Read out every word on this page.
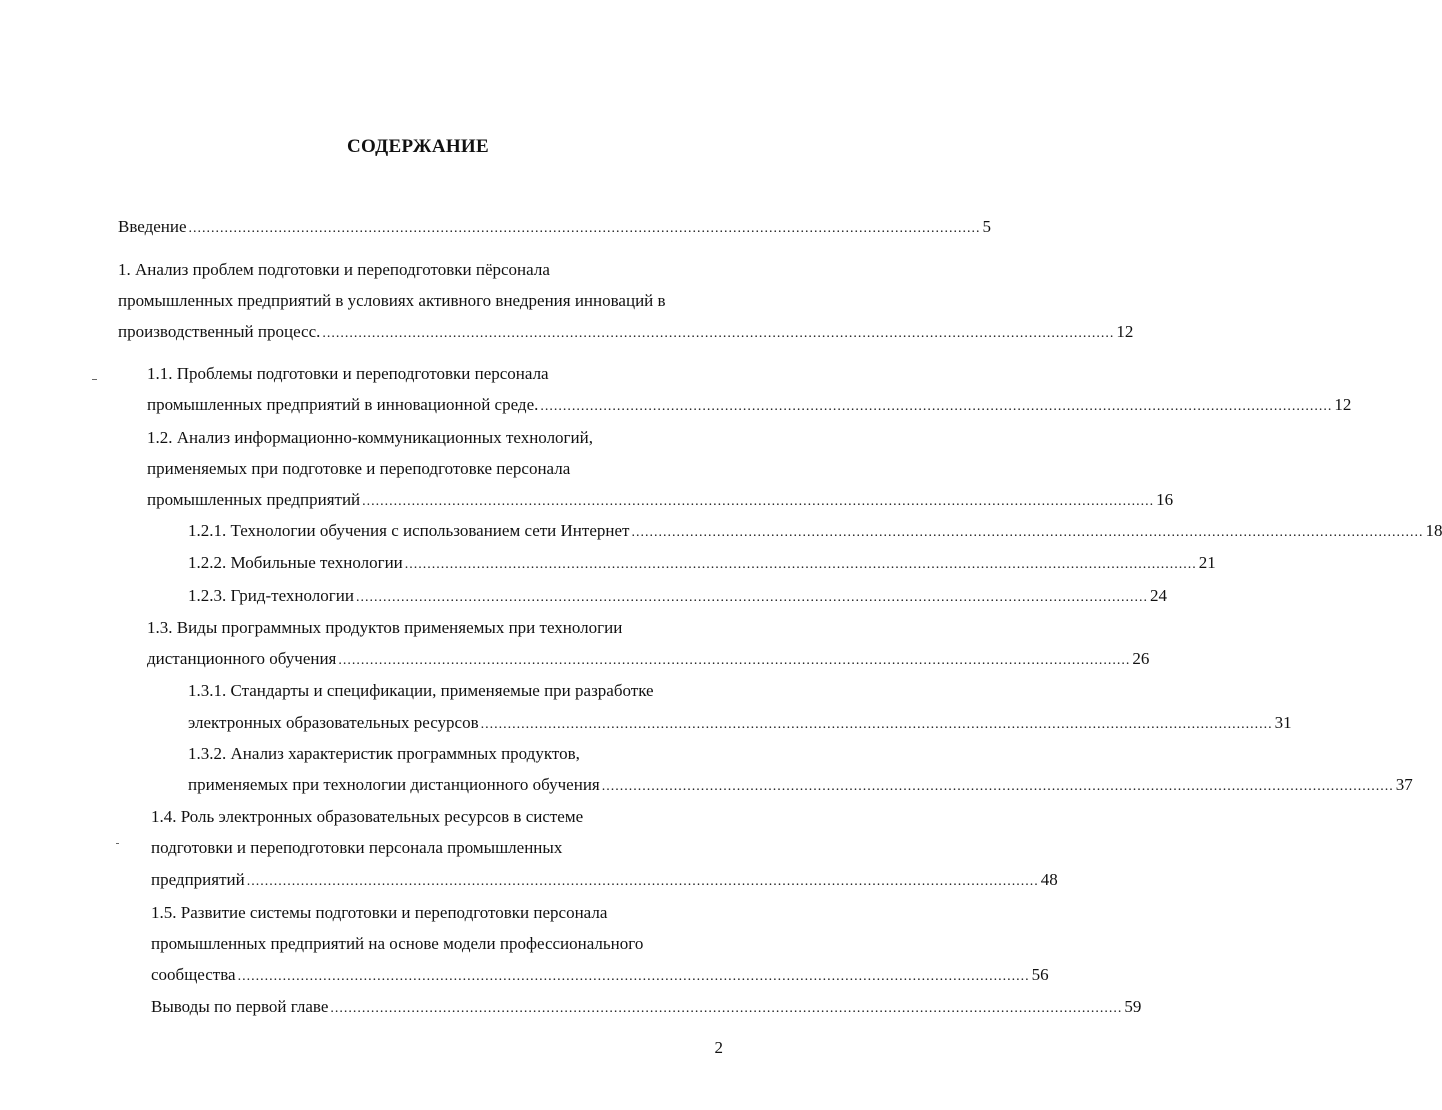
СОДЕРЖАНИЕ
Введение ................................................................................................................................................................................ 5
1. Анализ проблем подготовки и переподготовки пёрсонала
промышленных предприятий в условиях активного внедрения инноваций в
производственный процесс. ................................................................................................................................................................................ 12
1.1. Проблемы подготовки и переподготовки персонала
промышленных предприятий в инновационной среде. ................................................................................................................................................................................ 12
1.2. Анализ информационно-коммуникационных технологий,
применяемых при подготовке и переподготовке персонала
промышленных предприятий ................................................................................................................................................................................ 16
1.2.1. Технологии обучения с использованием сети Интернет ................................................................................................................................................................................ 18
1.2.2. Мобильные технологии ................................................................................................................................................................................ 21
1.2.3. Грид-технологии ................................................................................................................................................................................ 24
1.3. Виды программных продуктов применяемых при технологии
дистанционного обучения ................................................................................................................................................................................ 26
1.3.1. Стандарты и спецификации, применяемые при разработке
электронных образовательных ресурсов ................................................................................................................................................................................ 31
1.3.2. Анализ характеристик программных продуктов,
применяемых при технологии дистанционного обучения ................................................................................................................................................................................ 37
1.4. Роль электронных образовательных ресурсов в системе
подготовки и переподготовки персонала промышленных
предприятий ................................................................................................................................................................................ 48
1.5. Развитие системы подготовки и переподготовки персонала
промышленных предприятий на основе модели профессионального
сообщества ................................................................................................................................................................................ 56
Выводы по первой главе ................................................................................................................................................................................ 59
2
